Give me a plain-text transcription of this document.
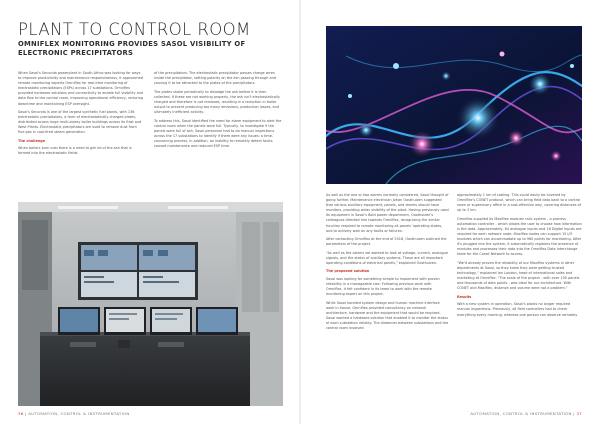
PLANT TO CONTROL ROOM
OMNIFLEX MONITORING PROVIDES SASOL VISIBILITY OF ELECTRONIC PRECIPITATORS

When Sasol's Secunda powerplant in South Africa was looking for ways to improve productivity and maintenance responsiveness, it approached remote monitoring experts Omniflex for real-time monitoring of electrostatic precipitators (ESPs) across 17 substations. Omniflex provided hardware solutions and connectivity to enable full visibility and data flow to the control room, improving operational efficiency, reducing downtime and maintaining ESP oversight.

Sasol's Secunda is one of the largest synthetic fuel plants, with 136 electrostatic precipitators, a form of electrostatically charged plates, distributed across large multi-storey boiler buildings across its East and West Plants. Electrostatic precipitators are used to remove dust from flue gas in coal-fired steam generation.

The challenge

When boilers burn coal there is a need to get rid of the ash that is formed into the electrostatic fields

of the precipitators. The electrostatic precipitator passes charge wires inside the precipitator, setting polarity on the ash passing through and causing it to be attracted to the plates of the precipitators.

The plates shake periodically to dislodge the ash before it is then collected. If these are not working properly, the ash isn't electrostatically charged and therefore is not removed, resulting in a reduction in boiler output to prevent producing too many emissions, production losses, and ultimately inefficient activity.

To address this, Sasol identified the need for alarm equipment to alert the control room when the panels were full. Typically, to investigate if the panels were full of ash, Sasol personnel had to do manual inspections across the 17 substations to identify if there were any issues: a time-consuming process, in addition, an inability to remotely detect faults caused maintenance and reduced ESP time.

36 | AUTOMATION, CONTROL & INSTRUMENTATION

As well as the one or two alarms normally considered, Sasol thought of going further. Maintenance electrician Johan Oosthuizen suggested that various auxiliary equipment, panels, and alarms should have monitors, providing wider visibility of the plant. Having previously used its equipment in Sasol's Bold power department, Oosthuizen's colleagues directed him towards Omniflex, recognising the similar function required to remote monitoring all panels' operating states, and to actively wait on any faults or failures.

After contacting Omniflex at the end of 2018, Oosthuizen outlined the parameters of the project.

"As well as the alarms we wanted to look at voltage, current, analogue signals, and the status of auxiliary systems. These are all important operating conditions of electrical panels," explained Oosthuizen.

The proposed solution

Sasol was looking for something simple to implement with proven reliability in a manageable size. Following previous work with Omniflex, it felt confident in its team to work with the remote monitoring expert on this project.

While Sasol handled system design and human machine interface work in-house, Omniflex provided consultancy on network architecture, hardware and the equipment that would be required. Sasol wanted a hardware solution that enabled it to monitor the status of each substation reliably. The distances between substations and the control room involved

approximately 1 km of cabling. This could easily be covered by Omniflex's CONET protocol, which can bring field data back to a control room or supervisory office in a cost-effective way, covering distances of up to 3 km.

Omniflex supplied its Maxiflex modular rack system - a process automation controller - which allows the user to choose how information is the data. Approximately, 64 analogue inputs and 16 Digital Inputs are required for each network node. Maxiflex nodes can support 15 I/O modules which can accommodate up to 960 points for monitoring. After it's plugged into the system, it automatically registers the presence of modules and processes their data into the Omniflex Data Interchange table for the Conet Network to access.

"We'd already proven the reliability of our Maxiflex systems in other departments at Sasol, so they knew they were getting trusted technology," explained Ian Loudon, head of international sales and marketing at Omniflex. "The scale of the project - with over 100 panels and thousands of data points - was ideal for our architecture. With CONET and Maxiflex, distance and volume were not a problem."

Results

With a new system in operation, Sasol's plants no longer required manual inspections. Previously, all field controllers had to check everything every morning, whereas one person can observe remotely

AUTOMATION, CONTROL & INSTRUMENTATION | 37
